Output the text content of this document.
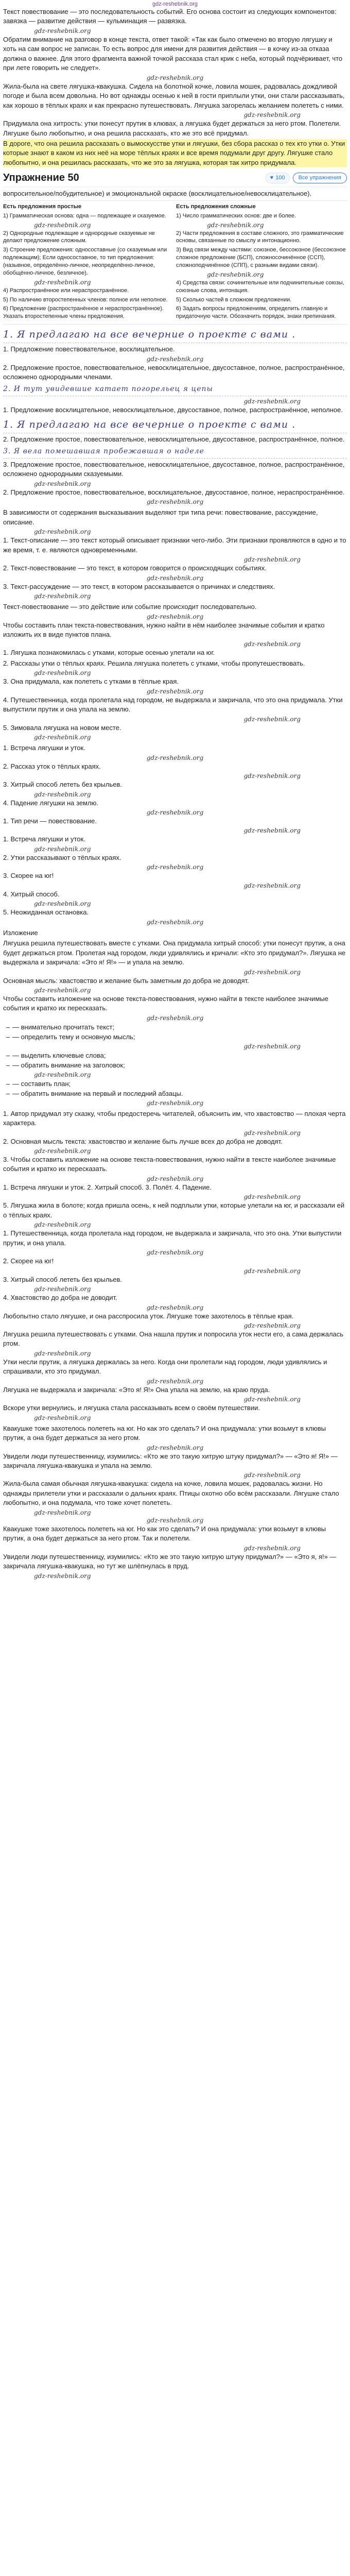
gdz-reshebnik.org

Текст повествование — это последовательность событий. Его основа состоит из следующих компонентов: завязка — развитие действия — кульминация — развязка.

gdz-reshebnik.org

Обратим внимание на разговор в конце текста, ответ такой: «Так как было отмечено во вторую лягушку и хоть на сам вопрос не записан. То есть вопрос для имени для развития действия — в кочку из-за отказа должна о важнее. Для этого фрагмента важной точкой рассказа стал крик с неба, который подчёркивает, что при лете говорить не следует».

gdz-reshebnik.org

Жила-была на свете лягушка-квакушка. Сидела на болотной кочке, ловила мошек, радовалась дождливой погоде и была всем довольна. Но вот однажды осенью к ней в гости приплыли утки, они стали рассказывать, как хорошо в тёплых краях и как прекрасно путешествовать. Лягушка загорелась желанием полететь с ними.

gdz-reshebnik.org

Придумала она хитрость: утки понесут прутик в клювах, а лягушка будет держаться за него ртом. Полетели. Лягушке было любопытно, и она решила рассказать, кто же это всё придумал.

В дороге, что она решила рассказать о вымоскусстве утки и лягушки, без сбора рассказ о тех кто утки о. Утки которые знают в каком из них неё на море тёплых краях и все время подумали друг другу. Лягушке стало любопытно, и она решилась рассказать, что же это за лягушка, которая так хитро придумала.

Упражнение 50	♥ 100	Все упражнения

вопросительное/побудительное) и эмоциональной окраске (восклицательное/невосклицательное).

Есть предложения простые
1) Грамматическая основа: одна — подлежащее и сказуемое.
gdz-reshebnik.org
2) Однородные подлежащие и однородные сказуемые не делают предложение сложным.
3) Строение предложения: односоставные (со сказуемым или подлежащим); Если односоставное, то тип предложения: (назывное, определённо-личное, неопределённо-личное, обобщённо-личное, безличное).
gdz-reshebnik.org
4) Распространённое или нераспространённое.
5) По наличию второстепенных членов: полное или неполное.
6) Предложение (распространённое и нераспространённое). Указать второстепенные члены предложения.
Есть предложения сложные
1) Число грамматических основ: две и более.
gdz-reshebnik.org
2) Части предложения в составе сложного, это грамматические основы, связанные по смыслу и интонационно.
3) Вид связи между частями: союзное, бессоюзное (бессоюзное сложное предложение (БСП), сложносочинённое (ССП), сложноподчинённое (СПП), с разными видами связи).
gdz-reshebnik.org
4) Средства связи: сочинительные или подчинительные союзы, союзные слова, интонация.
5) Сколько частей в сложном предложении.
6) Задать вопросы предложениям, определить главную и придаточную части. Обозначить порядок, знаки препинания.
1. Я предлагаю на все вечерние о проекте с вами .

1. Предложение повествовательное, восклицательное.

gdz-reshebnik.org

2. Предложение простое, повествовательное, невосклицательное, двусоставное, полное, распространённое, осложнено однородными членами.

2. И тут увидевшие катает погорельец я цепы
gdz-reshebnik.org

1. Предложение восклицательное, невосклицательное, двусоставное, полное, распространённое, неполное.

1. Я предлагаю на все вечерние о проекте с вами .

2. Предложение простое, повествовательное, невосклицательное, двусоставное, распространённое, полное.

3. Я вела помешавшая пробежавшая о наделе

3. Предложение простое, повествовательное, невосклицательное, двусоставное, полное, распространённое, осложнено однородными сказуемыми.

gdz-reshebnik.org

2. Предложение простое, повествовательное, восклицательное, двусоставное, полное, нераспространённое.

gdz-reshebnik.org

В зависимости от содержания высказывания выделяют три типа речи: повествование, рассуждение, описание.

gdz-reshebnik.org

1. Текст-описание — это текст который описывает признаки чего-либо. Эти признаки проявляются в одно и то же время, т. е. являются одновременными.

gdz-reshebnik.org

2. Текст-повествование — это текст, в котором говорится о происходящих событиях.

gdz-reshebnik.org

3. Текст-рассуждение — это текст, в котором рассказывается о причинах и следствиях.

gdz-reshebnik.org

Текст-повествование — это действие или событие происходит последовательно.

gdz-reshebnik.org

Чтобы составить план текста-повествования, нужно найти в нём наиболее значимые события и кратко изложить их в виде пунктов плана.

gdz-reshebnik.org

1. Лягушка познакомилась с утками, которые осенью улетали на юг.

2. Рассказы утки о тёплых краях. Решила лягушка полететь с утками, чтобы пропутешествовать.

gdz-reshebnik.org

3. Она придумала, как полететь с утками в тёплые края.

gdz-reshebnik.org

4. Путешественница, когда пролетала над городом, не выдержала и закричала, что это она придумала. Утки выпустили прутик и она упала на землю.

gdz-reshebnik.org

5. Зимовала лягушка на новом месте.

gdz-reshebnik.org

1. Встреча лягушки и уток.

gdz-reshebnik.org

2. Рассказ уток о тёплых краях.

gdz-reshebnik.org

3. Хитрый способ лететь без крыльев.

gdz-reshebnik.org

4. Падение лягушки на землю.

gdz-reshebnik.org

1. Тип речи — повествование.

gdz-reshebnik.org

1. Встреча лягушки и уток.

gdz-reshebnik.org

2. Утки рассказывают о тёплых краях.

gdz-reshebnik.org

3. Скорее на юг!

gdz-reshebnik.org

4. Хитрый способ.

gdz-reshebnik.org

5. Неожиданная остановка.

gdz-reshebnik.org

Изложение

Лягушка решила путешествовать вместе с утками. Она придумала хитрый способ: утки понесут прутик, а она будет держаться ртом. Пролетая над городом, люди удивлялись и кричали: «Кто это придумал?». Лягушка не выдержала и закричала: «Это я! Я!» — и упала на землю.

gdz-reshebnik.org

Основная мысль: хвастовство и желание быть заметным до добра не доводят.

gdz-reshebnik.org

Чтобы составить изложение на основе текста-повествования, нужно найти в тексте наиболее значимые события и кратко их пересказать.

gdz-reshebnik.org

– — внимательно прочитать текст;

– — определить тему и основную мысль;

gdz-reshebnik.org

– — выделить ключевые слова;

– — обратить внимание на заголовок;

gdz-reshebnik.org

– — составить план;

– — обратить внимание на первый и последний абзацы.

gdz-reshebnik.org

1. Автор придумал эту сказку, чтобы предостеречь читателей, объяснить им, что хвастовство — плохая черта характера.

gdz-reshebnik.org

2. Основная мысль текста: хвастовство и желание быть лучше всех до добра не доводят.

gdz-reshebnik.org

3. Чтобы составить изложение на основе текста-повествования, нужно найти в тексте наиболее значимые события и кратко их пересказать.

gdz-reshebnik.org

1. Встреча лягушки и уток. 2. Хитрый способ. 3. Полёт. 4. Падение.

gdz-reshebnik.org

5. Лягушка жила в болоте; когда пришла осень, к ней подплыли утки, которые улетали на юг, и рассказали ей о тёплых краях.

gdz-reshebnik.org

1. Путешественница, когда пролетала над городом, не выдержала и закричала, что это она. Утки выпустили прутик, и она упала.

gdz-reshebnik.org

2. Скорее на юг!

gdz-reshebnik.org

3. Хитрый способ лететь без крыльев.

gdz-reshebnik.org

4. Хвастовство до добра не доводит.

gdz-reshebnik.org

Любопытно стало лягушке, и она расспросила уток. Лягушке тоже захотелось в тёплые края.

gdz-reshebnik.org

Лягушка решила путешествовать с утками. Она нашла прутик и попросила уток нести его, а сама держалась ртом.

gdz-reshebnik.org

Утки несли прутик, а лягушка держалась за него. Когда они пролетали над городом, люди удивлялись и спрашивали, кто это придумал.

gdz-reshebnik.org

Лягушка не выдержала и закричала: «Это я! Я!» Она упала на землю, на краю пруда.

gdz-reshebnik.org

Вскоре утки вернулись, и лягушка стала рассказывать всем о своём путешествии.

gdz-reshebnik.org

Квакушке тоже захотелось полететь на юг. Но как это сделать? И она придумала: утки возьмут в клювы прутик, а она будет держаться за него ртом.

gdz-reshebnik.org

Увидели люди путешественницу, изумились: «Кто же это такую хитрую штуку придумал?» — «Это я! Я!» — закричала лягушка-квакушка и упала на землю.

gdz-reshebnik.org

Жила-была самая обычная лягушка-квакушка: сидела на кочке, ловила мошек, радовалась жизни. Но однажды прилетели утки и рассказали о дальних краях. Птицы охотно обо всём рассказали. Лягушке стало любопытно, и она подумала, что тоже хочет полететь.

gdz-reshebnik.org
gdz-reshebnik.org

Квакушке тоже захотелось полететь на юг. Но как это сделать? И она придумала: утки возьмут в клювы прутик, а она будет держаться за него ртом. Так и полетели.

gdz-reshebnik.org

Увидели люди путешественницу, изумились: «Кто же это такую хитрую штуку придумал?» — «Это я, я!» — закричала лягушка-квакушка, но тут же шлёпнулась в пруд.

gdz-reshebnik.org
